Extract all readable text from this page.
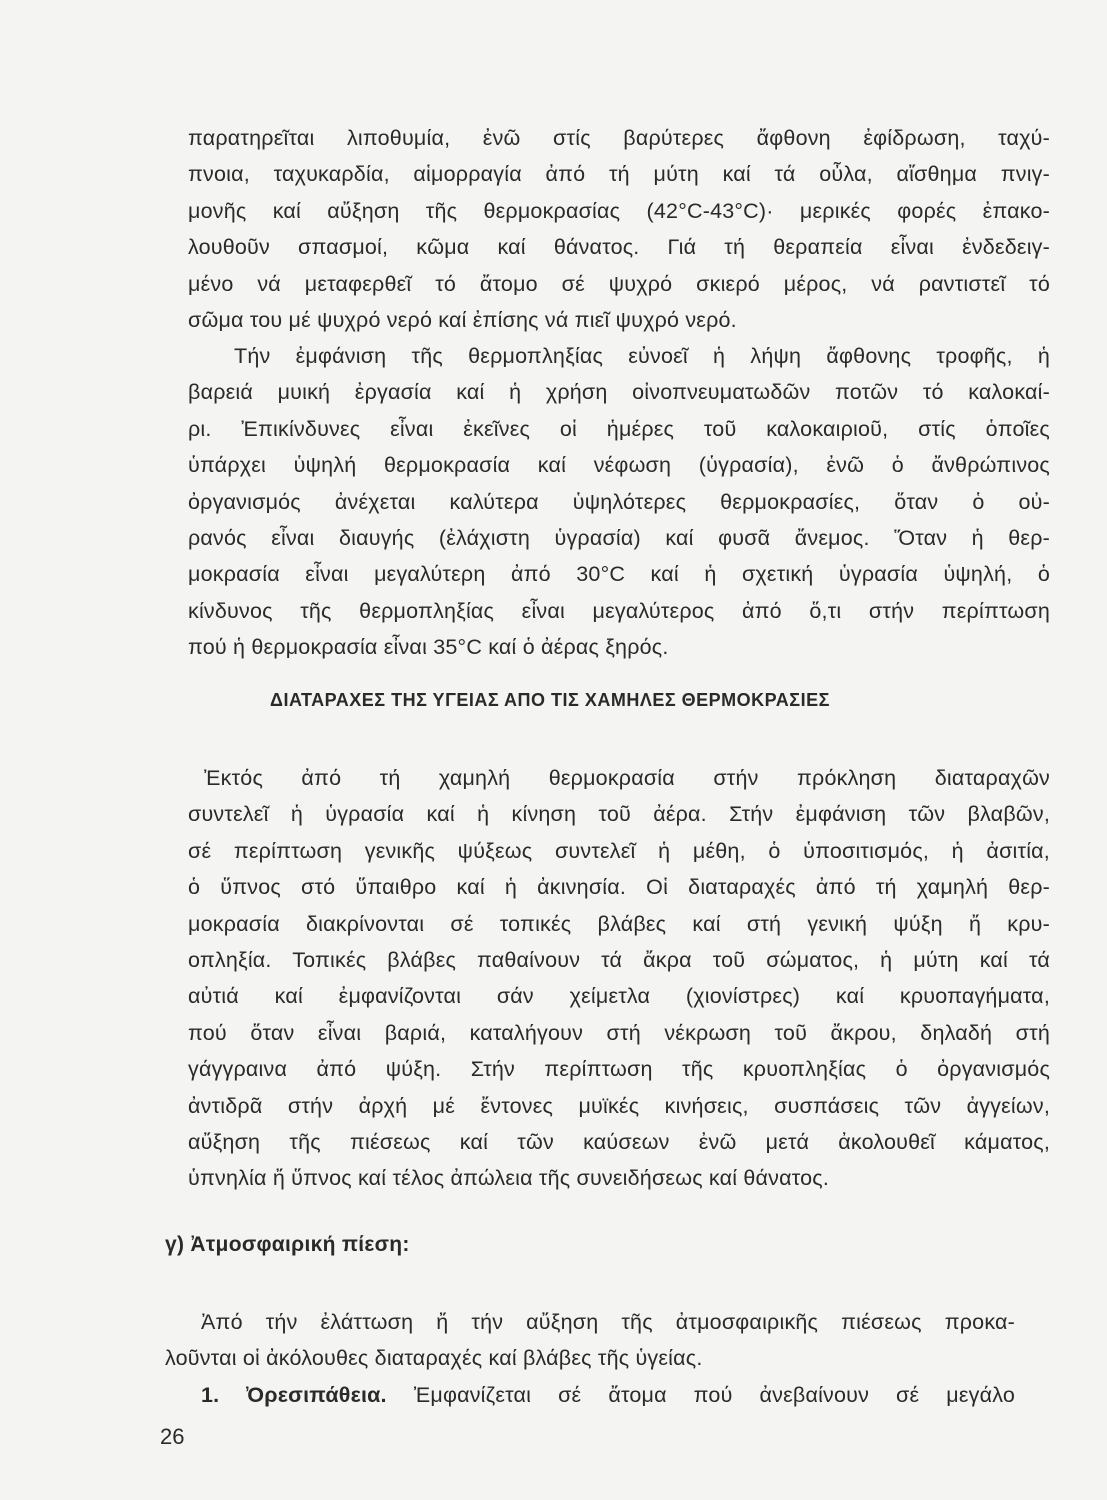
παρατηρεῖται λιποθυμία, ἐνῶ στίς βαρύτερες ἄφθονη ἐφίδρωση, ταχύ-
πνοια, ταχυκαρδία, αἱμορραγία ἀπό τή μύτη καί τά οὖλα, αἴσθημα πνιγ-
μονῆς καί αὔξηση τῆς θερμοκρασίας (42°C-43°C)· μερικές φορές ἐπακο-
λουθοῦν σπασμοί, κῶμα καί θάνατος. Γιά τή θεραπεία εἶναι ἐνδεδειγ-
μένο νά μεταφερθεῖ τό ἄτομο σέ ψυχρό σκιερό μέρος, νά ραντιστεῖ τό
σῶμα του μέ ψυχρό νερό καί ἐπίσης νά πιεῖ ψυχρό νερό.

Τήν ἐμφάνιση τῆς θερμοπληξίας εὐνοεῖ ἡ λήψη ἄφθονης τροφῆς, ἡ
βαρειά μυική ἐργασία καί ἡ χρήση οἰνοπνευματωδῶν ποτῶν τό καλοκαί-
ρι. Ἐπικίνδυνες εἶναι ἐκεῖνες οἱ ἡμέρες τοῦ καλοκαιριοῦ, στίς ὁποῖες
ὑπάρχει ὑψηλή θερμοκρασία καί νέφωση (ὑγρασία), ἐνῶ ὁ ἄνθρώπινος
ὀργανισμός ἀνέχεται καλύτερα ὑψηλότερες θερμοκρασίες, ὅταν ὁ οὐ-
ρανός εἶναι διαυγής (ἐλάχιστη ὑγρασία) καί φυσᾶ ἄνεμος. Ὅταν ἡ θερ-
μοκρασία εἶναι μεγαλύτερη ἀπό 30°C καί ἡ σχετική ὑγρασία ὑψηλή, ὁ
κίνδυνος τῆς θερμοπληξίας εἶναι μεγαλύτερος ἀπό ὅ,τι στήν περίπτωση
πού ἡ θερμοκρασία εἶναι 35°C καί ὁ ἀέρας ξηρός.

ΔΙΑΤΑΡΑΧΕΣ ΤΗΣ ΥΓΕΙΑΣ ΑΠΟ ΤΙΣ ΧΑΜΗΛΕΣ ΘΕΡΜΟΚΡΑΣΙΕΣ

Ἐκτός ἀπό τή χαμηλή θερμοκρασία στήν πρόκληση διαταραχῶν
συντελεῖ ἡ ὑγρασία καί ἡ κίνηση τοῦ ἀέρα. Στήν ἐμφάνιση τῶν βλαβῶν,
σέ περίπτωση γενικῆς ψύξεως συντελεῖ ἡ μέθη, ὁ ὑποσιτισμός, ἡ ἀσιτία,
ὁ ὕπνος στό ὕπαιθρο καί ἡ ἀκινησία. Οἱ διαταραχές ἀπό τή χαμηλή θερ-
μοκρασία διακρίνονται σέ τοπικές βλάβες καί στή γενική ψύξη ἤ κρυ-
οπληξία. Τοπικές βλάβες παθαίνουν τά ἄκρα τοῦ σώματος, ἡ μύτη καί τά
αὐτιά καί ἐμφανίζονται σάν χείμετλα (χιονίστρες) καί κρυοπαγήματα,
πού ὅταν εἶναι βαριά, καταλήγουν στή νέκρωση τοῦ ἄκρου, δηλαδή στή
γάγγραινα ἀπό ψύξη. Στήν περίπτωση τῆς κρυοπληξίας ὁ ὀργανισμός
ἀντιδρᾶ στήν ἀρχή μέ ἔντονες μυϊκές κινήσεις, συσπάσεις τῶν ἀγγείων,
αὔξηση τῆς πιέσεως καί τῶν καύσεων ἐνῶ μετά ἀκολουθεῖ κάματος,
ὑπνηλία ἤ ὕπνος καί τέλος ἀπώλεια τῆς συνειδήσεως καί θάνατος.

γ) Ἀτμοσφαιρική πίεση:

Ἀπό τήν ἐλάττωση ἤ τήν αὔξηση τῆς ἀτμοσφαιρικῆς πιέσεως προκα-
λοῦνται οἱ ἀκόλουθες διαταραχές καί βλάβες τῆς ὑγείας.
1. Ὀρεσιπάθεια. Ἐμφανίζεται σέ ἄτομα πού ἀνεβαίνουν σέ μεγάλο

26
